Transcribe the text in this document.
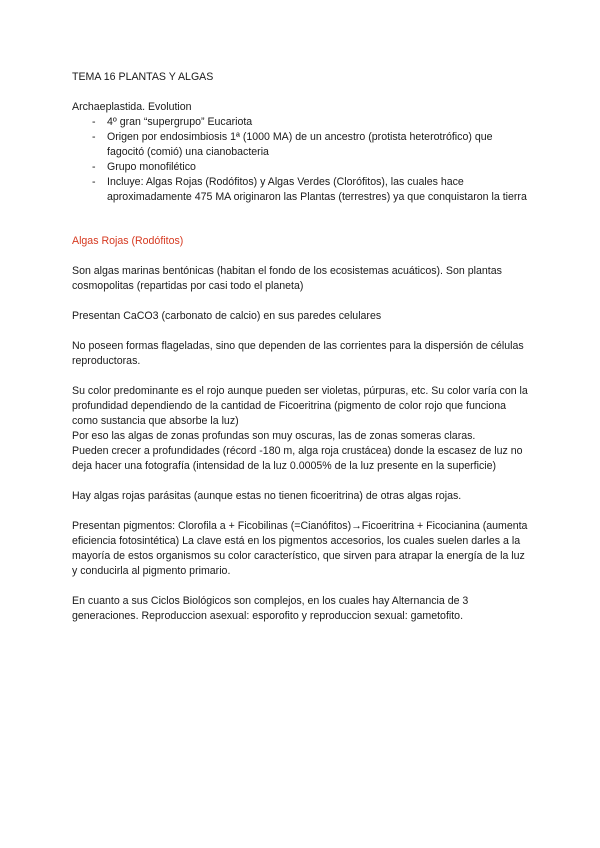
TEMA 16 PLANTAS Y ALGAS
Archaeplastida. Evolution
- 4º gran “supergrupo” Eucariota
- Origen por endosimbiosis 1ª (1000 MA) de un ancestro (protista heterotrófico) que fagocitó (comió) una cianobacteria
- Grupo monofilético
- Incluye: Algas Rojas (Rodófitos) y Algas Verdes (Clorófitos), las cuales hace aproximadamente 475 MA originaron las Plantas (terrestres) ya que conquistaron la tierra
Algas Rojas (Rodófitos)
Son algas marinas bentónicas (habitan el fondo de los ecosistemas acuáticos). Son plantas cosmopolitas (repartidas por casi todo el planeta)
Presentan CaCO3 (carbonato de calcio) en sus paredes celulares
No poseen formas flageladas, sino que dependen de las corrientes para la dispersión de células reproductoras.
Su color predominante es el rojo aunque pueden ser violetas, púrpuras, etc. Su color varía con la profundidad dependiendo de la cantidad de Ficoeritrina (pigmento de color rojo que funciona como sustancia que absorbe la luz)
Por eso las algas de zonas profundas son muy oscuras, las de zonas someras claras.
Pueden crecer a profundidades (récord -180 m, alga roja crustácea) donde la escasez de luz no deja hacer una fotografía (intensidad de la luz 0.0005% de la luz presente en la superficie)
Hay algas rojas parásitas (aunque estas no tienen ficoeritrina) de otras algas rojas.
Presentan pigmentos: Clorofila a + Ficobilinas (=Cianófitos)→Ficoeritrina + Ficocianina (aumenta eficiencia fotosintética) La clave está en los pigmentos accesorios, los cuales suelen darles a la mayoría de estos organismos su color característico, que sirven para atrapar la energía de la luz y conducirla al pigmento primario.
En cuanto a sus Ciclos Biológicos son complejos, en los cuales hay Alternancia de 3 generaciones. Reproduccion asexual: esporofito y reproduccion sexual: gametofito.
